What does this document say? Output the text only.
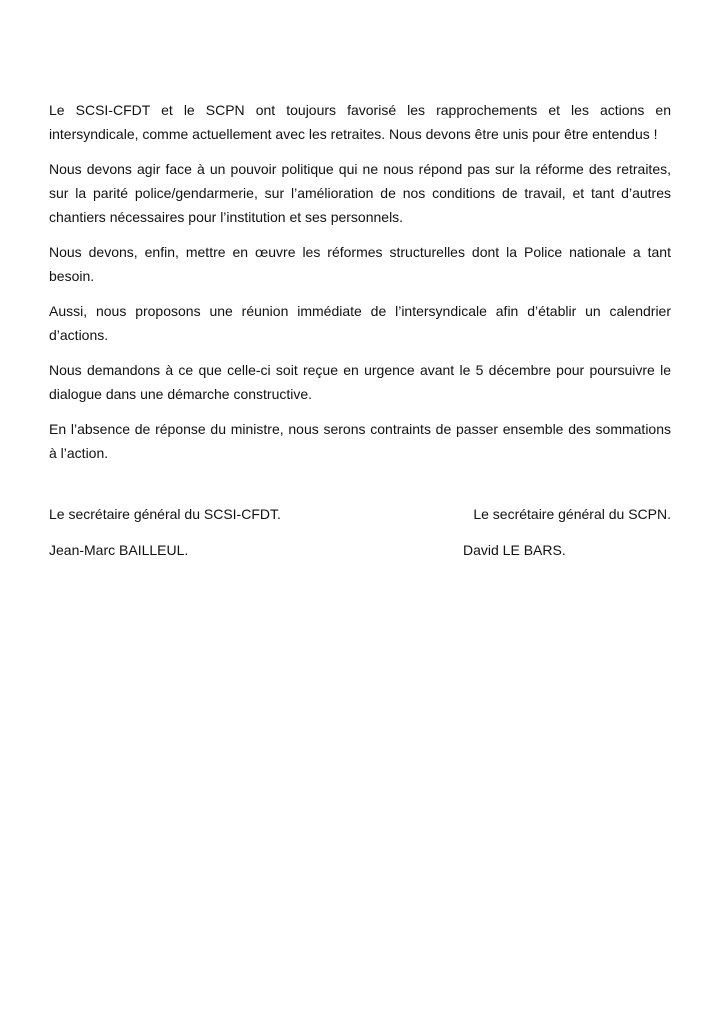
Le SCSI-CFDT et le SCPN ont toujours favorisé les rapprochements et les actions en intersyndicale, comme actuellement avec les retraites. Nous devons être unis pour être entendus !

Nous devons agir face à un pouvoir politique qui ne nous répond pas sur la réforme des retraites, sur la parité police/gendarmerie, sur l’amélioration de nos conditions de travail, et tant d’autres chantiers nécessaires pour l’institution et ses personnels.

Nous devons, enfin, mettre en œuvre les réformes structurelles dont la Police nationale a tant besoin.

Aussi, nous proposons une réunion immédiate de l’intersyndicale afin d’établir un calendrier d’actions.

Nous demandons à ce que celle-ci soit reçue en urgence avant le 5 décembre pour poursuivre le dialogue dans une démarche constructive.

En l’absence de réponse du ministre, nous serons contraints de passer ensemble des sommations à l’action.

Le secrétaire général du SCSI-CFDT.
Jean-Marc BAILLEUL.
Le secrétaire général du SCPN.
David LE BARS.
